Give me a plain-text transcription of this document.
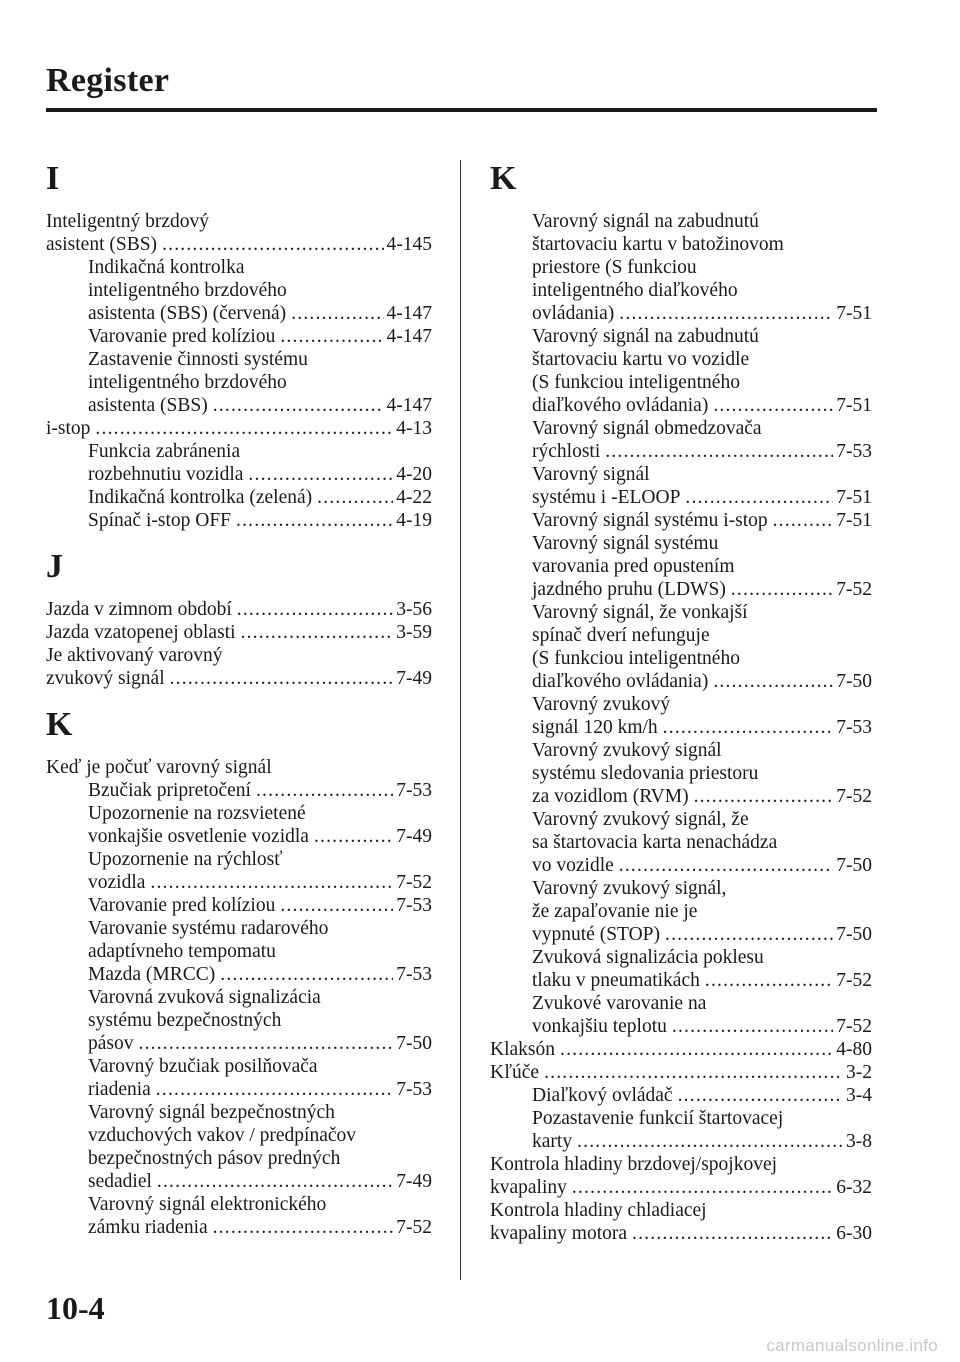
Register
I
Inteligentný brzdový
asistent (SBS) .....	4-145
Indikačná kontrolka
inteligentného brzdového
asistenta (SBS) (červená) .....	4-147
Varovanie pred kolíziou .....	4-147
Zastavenie činnosti systému
inteligentného brzdového
asistenta (SBS) .....	4-147
i-stop .....	4-13
Funkcia zabránenia
rozbehnutiu vozidla .....	4-20
Indikačná kontrolka (zelená) .....	4-22
Spínač i-stop OFF .....	4-19
J
Jazda v zimnom období .....	3-56
Jazda vzatopenej oblasti .....	3-59
Je aktivovaný varovný
zvukový signál .....	7-49
K
Keď je počuť varovný signál
Bzučiak pripretočení .....	7-53
Upozornenie na rozsvietené
vonkajšie osvetlenie vozidla .....	7-49
Upozornenie na rýchlosť
vozidla .....	7-52
Varovanie pred kolíziou .....	7-53
Varovanie systému radarového
adaptívneho tempomatu
Mazda (MRCC) .....	7-53
Varovná zvuková signalizácia
systému bezpečnostných
pásov .....	7-50
Varovný bzučiak posilňovača
riadenia .....	7-53
Varovný signál bezpečnostných
vzduchových vakov / predpínačov
bezpečnostných pásov predných
sedadiel .....	7-49
Varovný signál elektronického
zámku riadenia .....	7-52
K
Varovný signál na zabudnutú
štartovaciu kartu v batožinovom
priestore (S funkciou
inteligentného diaľkového
ovládania) .....	7-51
Varovný signál na zabudnutú
štartovaciu kartu vo vozidle
(S funkciou inteligentného
diaľkového ovládania) .....	7-51
Varovný signál obmedzovača
rýchlosti .....	7-53
Varovný signál
systému i -ELOOP .....	7-51
Varovný signál systému i-stop .....	7-51
Varovný signál systému
varovania pred opustením
jazdného pruhu (LDWS) .....	7-52
Varovný signál, že vonkajší
spínač dverí nefunguje
(S funkciou inteligentného
diaľkového ovládania) .....	7-50
Varovný zvukový
signál 120 km/h .....	7-53
Varovný zvukový signál
systému sledovania priestoru
za vozidlom (RVM) .....	7-52
Varovný zvukový signál, že
sa štartovacia karta nenachádza
vo vozidle .....	7-50
Varovný zvukový signál,
že zapaľovanie nie je
vypnuté (STOP) .....	7-50
Zvuková signalizácia poklesu
tlaku v pneumatikách .....	7-52
Zvukové varovanie na
vonkajšiu teplotu .....	7-52
Klaksón .....	4-80
Kľúče .....	3-2
Diaľkový ovládač .....	3-4
Pozastavenie funkcií štartovacej
karty .....	3-8
Kontrola hladiny brzdovej/spojkovej
kvapaliny .....	6-32
Kontrola hladiny chladiacej
kvapaliny motora .....	6-30
10-4
carmanualsonline.info
